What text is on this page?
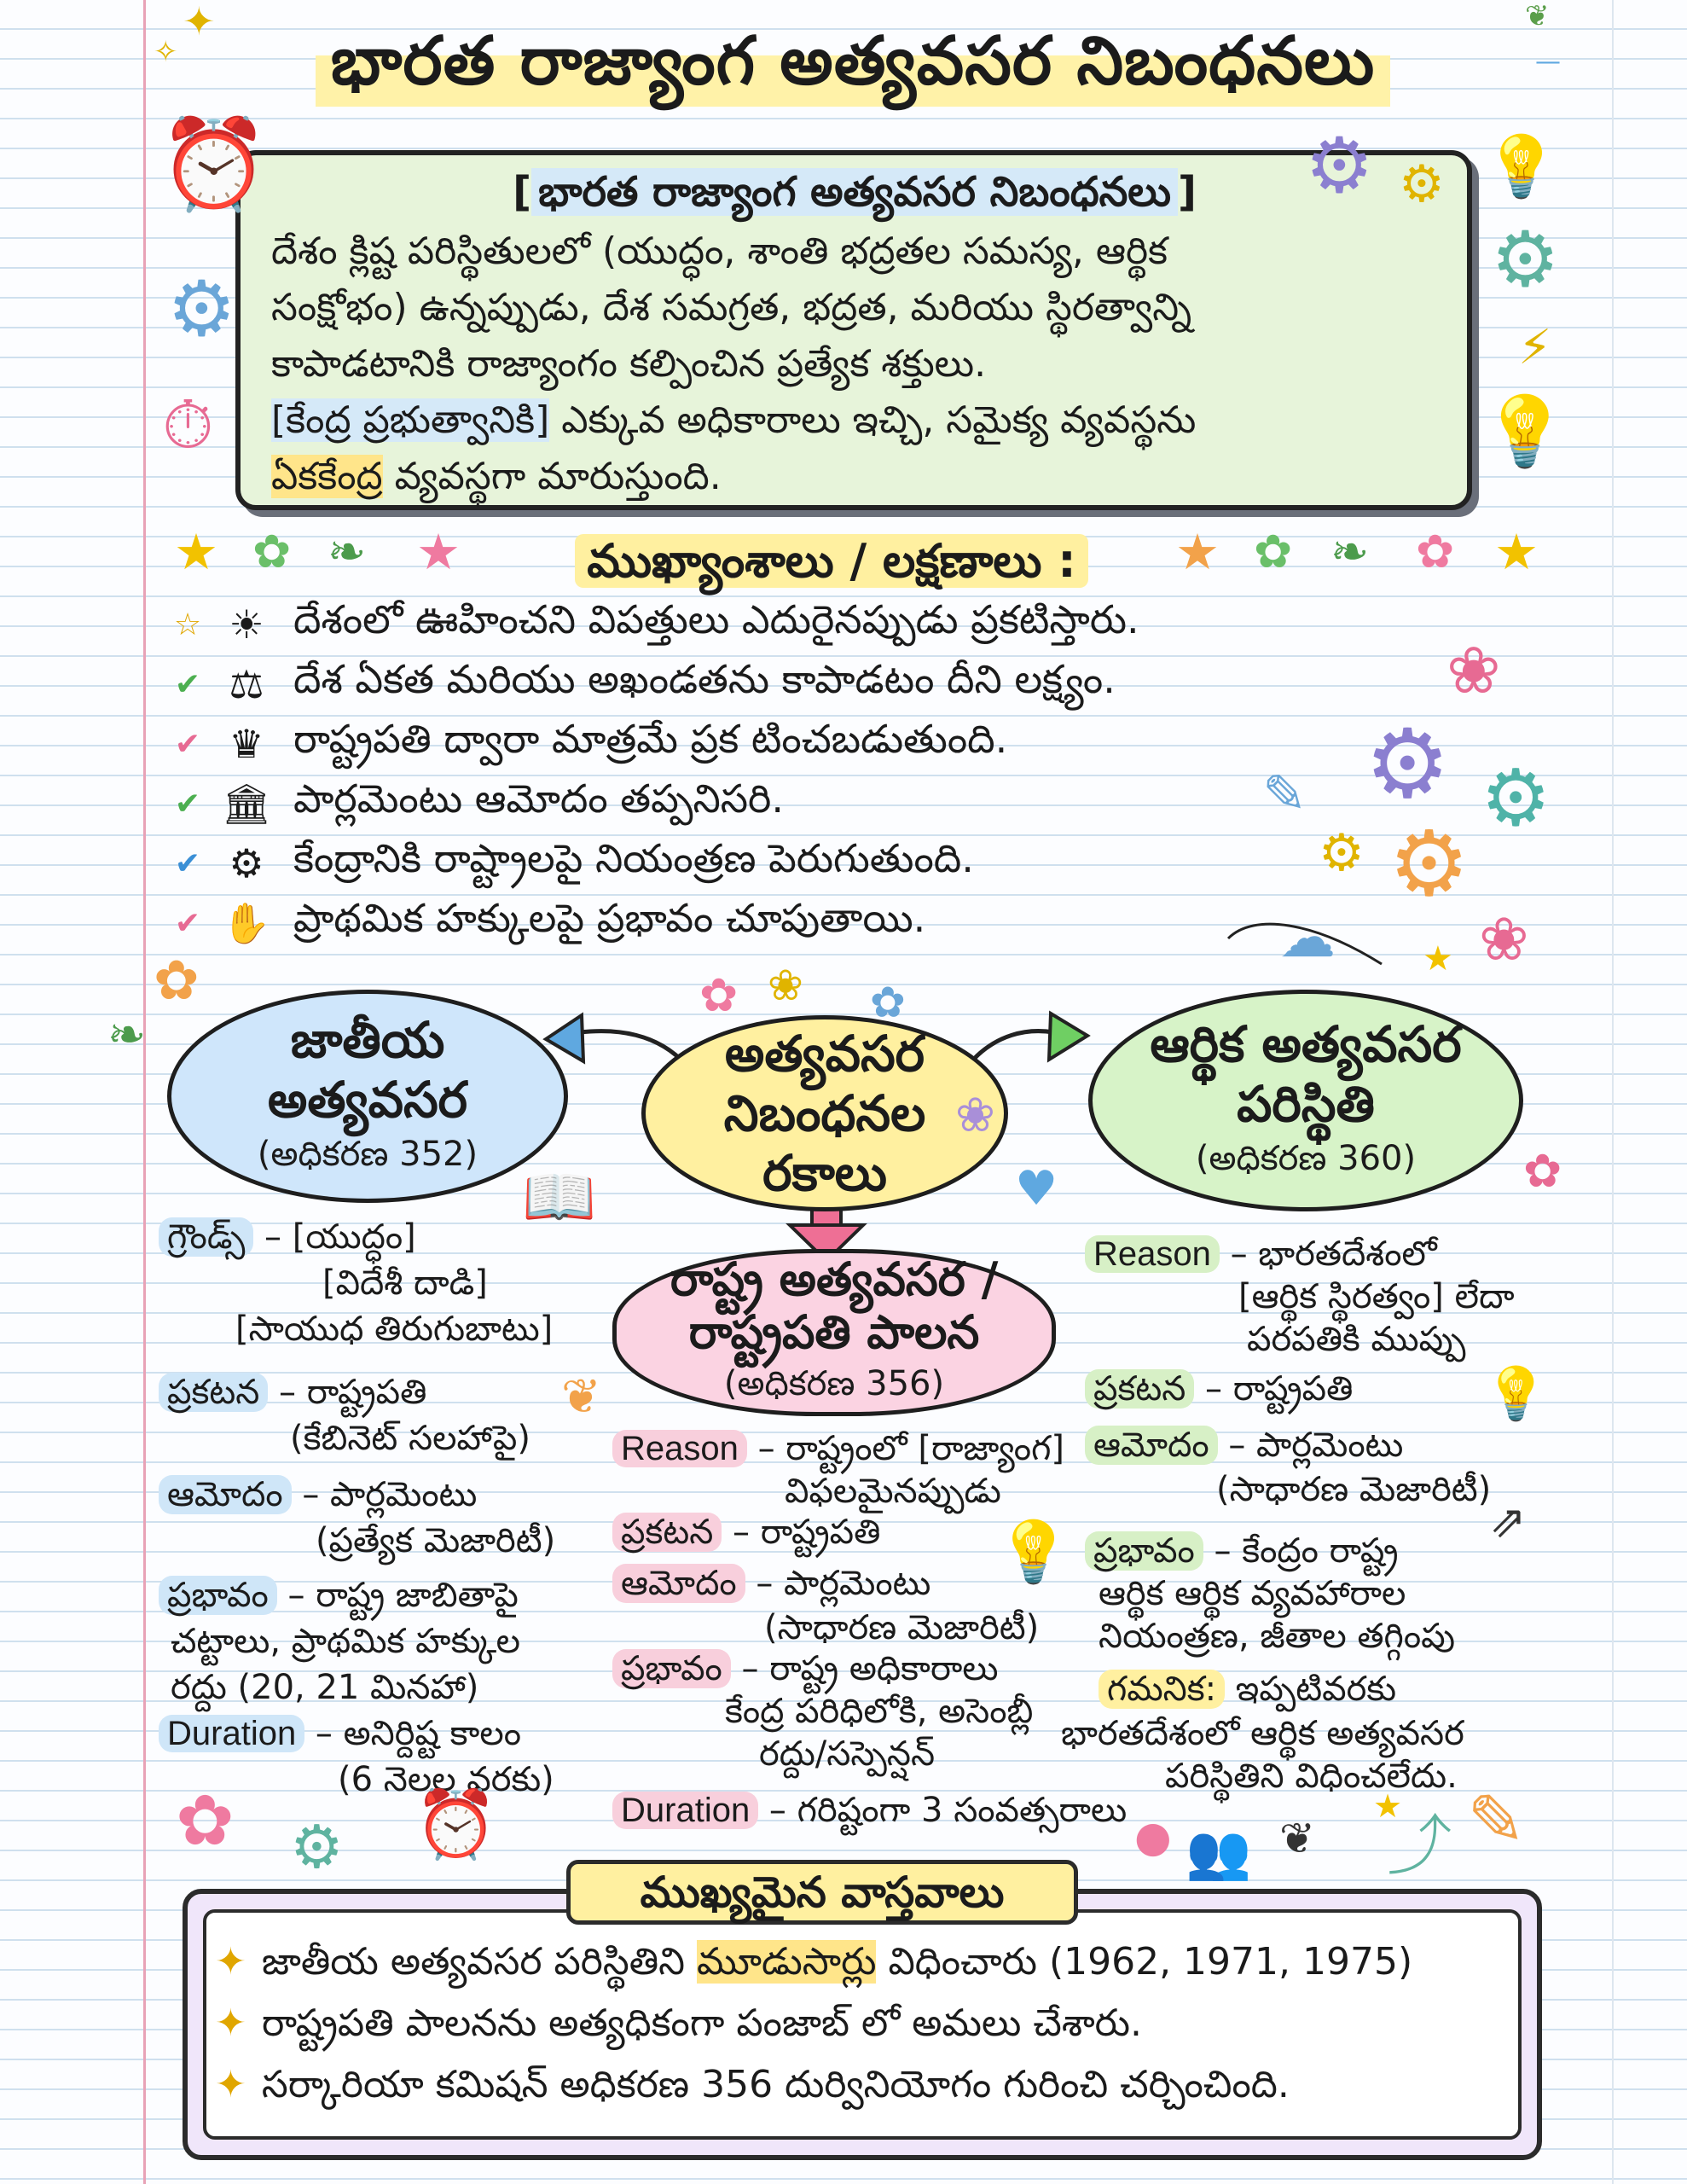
భారత రాజ్యాంగ అత్యవసర నిబంధనలు
✦
✧
❦
—
[ భారత రాజ్యాంగ అత్యవసర నిబంధనలు ]
దేశం క్లిష్ట పరిస్థితులలో (యుద్ధం, శాంతి భద్రతల సమస్య, ఆర్థిక
సంక్షోభం) ఉన్నప్పుడు, దేశ సమగ్రత, భద్రత, మరియు స్థిరత్వాన్ని
కాపాడటానికి రాజ్యాంగం కల్పించిన ప్రత్యేక శక్తులు.
[కేంద్ర ప్రభుత్వానికి] ఎక్కువ అధికారాలు ఇచ్చి, సమైక్య వ్యవస్థను
ఏకకేంద్ర వ్యవస్థగా మారుస్తుంది.
⏰
⚙
⏱
⚙ ⚙ 💡
⚙
⚡
💡
ముఖ్యాంశాలు / లక్షణాలు :
★ ✿ ❧ ★	★ ✿ ❧ ✿ ★
☆ ☀ దేశంలో ఊహించని విపత్తులు ఎదురైనప్పుడు ప్రకటిస్తారు.
✔ ⚖ దేశ ఏకత మరియు అఖండతను కాపాడటం దీని లక్ష్యం.
✔ ♛ రాష్ట్రపతి ద్వారా మాత్రమే ప్రక టించబడుతుంది.
✔ 🏛 పార్లమెంటు ఆమోదం తప్పనిసరి.
✔ ⚙ కేంద్రానికి రాష్ట్రాలపై నియంత్రణ పెరుగుతుంది.
✔ ✋ ప్రాథమిక హక్కులపై ప్రభావం చూపుతాయి.
❀
⚙ ⚙
✎
⚙ ⚙
జాతీయ
అత్యవసర
(అధికరణ 352)
అత్యవసర
నిబంధనల
రకాలు
ఆర్థిక అత్యవసర
పరిస్థితి
(అధికరణ 360)
రాష్ట్ర అత్యవసర /
రాష్ట్రపతి పాలన
(అధికరణ 356)
✿
❧
✿ ❀ ✿
❀
☁	★ ❀
✿
♥
📖
❦
💡
💡
⇗
గ్రౌండ్స్ – [యుద్ధం]
[విదేశీ దాడి]
[సాయుధ తిరుగుబాటు]
ప్రకటన – రాష్ట్రపతి
(కేబినెట్ సలహాపై)
ఆమోదం – పార్లమెంటు
(ప్రత్యేక మెజారిటీ)
ప్రభావం – రాష్ట్ర జాబితాపై
చట్టాలు, ప్రాథమిక హక్కుల
రద్దు (20, 21 మినహా)
Duration – అనిర్దిష్ట కాలం
(6 నెలల వరకు)
Reason – రాష్ట్రంలో [రాజ్యాంగ]
విఫలమైనప్పుడు
ప్రకటన – రాష్ట్రపతి
ఆమోదం – పార్లమెంటు
(సాధారణ మెజారిటీ)
ప్రభావం – రాష్ట్ర అధికారాలు
కేంద్ర పరిధిలోకి, అసెంబ్లీ
రద్దు/సస్పెన్షన్
Duration – గరిష్టంగా 3 సంవత్సరాలు
Reason – భారతదేశంలో
[ఆర్థిక స్థిరత్వం] లేదా
పరపతికి ముప్పు
ప్రకటన – రాష్ట్రపతి
ఆమోదం – పార్లమెంటు
(సాధారణ మెజారిటీ)
ప్రభావం – కేంద్రం రాష్ట్ర
ఆర్థిక ఆర్థిక వ్యవహారాల
నియంత్రణ, జీతాల తగ్గింపు
గమనిక: ఇప్పటివరకు
భారతదేశంలో ఆర్థిక అత్యవసర
పరిస్థితిని విధించలేదు.
✿ ⚙ ⏰	● 👥 ❦
★
⤴ ✎
ముఖ్యమైన వాస్తవాలు
✦ జాతీయ అత్యవసర పరిస్థితిని మూడుసార్లు విధించారు (1962, 1971, 1975)
✦ రాష్ట్రపతి పాలనను అత్యధికంగా పంజాబ్ లో అమలు చేశారు.
✦ సర్కారియా కమిషన్ అధికరణ 356 దుర్వినియోగం గురించి చర్చించింది.
